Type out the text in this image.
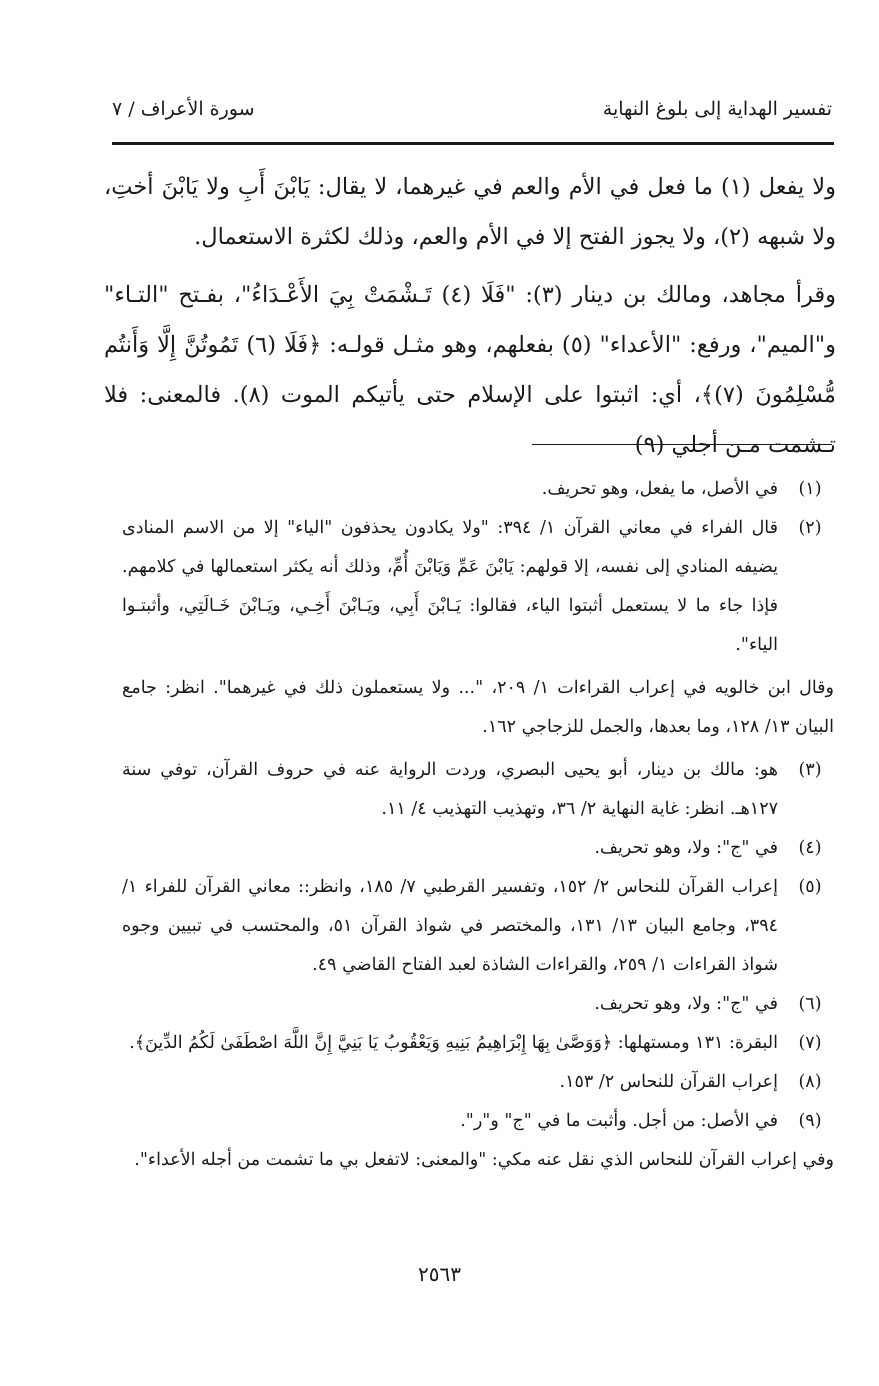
تفسير الهداية إلى بلوغ النهاية
سورة الأعراف / ٧

ولا يفعل (١) ما فعل في الأم والعم في غيرهما، لا يقال: يَابْنَ أَبِ ولا يَابْنَ أختِ، ولا شبهه (٢)، ولا يجوز الفتح إلا في الأم والعم، وذلك لكثرة الاستعمال.

وقرأ مجاهد، ومالك بن دينار (٣): "فَلَا (٤) تَـشْمَتْ بِيَ الأَعْـدَاءُ"، بفـتح "التـاء" و"الميم"، ورفع: "الأعداء" (٥) بفعلهم، وهو مثـل قولـه: ﴿فَلَا (٦) تَمُوتُنَّ إِلَّا وَأَنتُم مُّسْلِمُونَ (٧)﴾، أي: اثبتوا على الإسلام حتى يأتيكم الموت (٨). فالمعنى: فلا تـشمت مـن أجلي (٩)

(١)
في الأصل، ما يفعل، وهو تحريف.
(٢)
قال الفراء في معاني القرآن ١/ ٣٩٤: "ولا يكادون يحذفون "الياء" إلا من الاسم المنادى يضيفه المنادي إلى نفسه، إلا قولهم: يَابْنَ عَمِّ وَيَابْنَ أُمِّ، وذلك أنه يكثر استعمالها في كلامهم. فإذا جاء ما لا يستعمل أثبتوا الياء، فقالوا: يَـابْنَ أَبِي، ويَـابْنَ أَخِـي، ويَـابْنَ خَـالَتِي، وأثبتـوا الياء".
وقال ابن خالويه في إعراب القراءات ١/ ٢٠٩، "... ولا يستعملون ذلك في غيرهما". انظر: جامع البيان ١٣/ ١٢٨، وما بعدها، والجمل للزجاجي ١٦٢.
(٣)
هو: مالك بن دينار، أبو يحيى البصري، وردت الرواية عنه في حروف القرآن، توفي سنة ١٢٧هـ. انظر: غاية النهاية ٢/ ٣٦، وتهذيب التهذيب ٤/ ١١.
(٤)
في "ج": ولا، وهو تحريف.
(٥)
إعراب القرآن للنحاس ٢/ ١٥٢، وتفسير القرطبي ٧/ ١٨٥، وانظر:: معاني القرآن للفراء ١/ ٣٩٤، وجامع البيان ١٣/ ١٣١، والمختصر في شواذ القرآن ٥١، والمحتسب في تبيين وجوه شواذ القراءات ١/ ٢٥٩، والقراءات الشاذة لعبد الفتاح القاضي ٤٩.
(٦)
في "ج": ولا، وهو تحريف.
(٧)
البقرة: ١٣١ ومستهلها: ﴿وَوَصَّىٰ بِهَا إِبْرَاهِيمُ بَنِيهِ وَيَعْقُوبُ يَا بَنِيَّ إِنَّ اللَّهَ اصْطَفَىٰ لَكُمُ الدِّينَ﴾.
(٨)
إعراب القرآن للنحاس ٢/ ١٥٣.
(٩)
في الأصل: من أجل. وأثبت ما في "ج" و"ر".
وفي إعراب القرآن للنحاس الذي نقل عنه مكي: "والمعنى: لاتفعل بي ما تشمت من أجله الأعداء".
٢٥٦٣
